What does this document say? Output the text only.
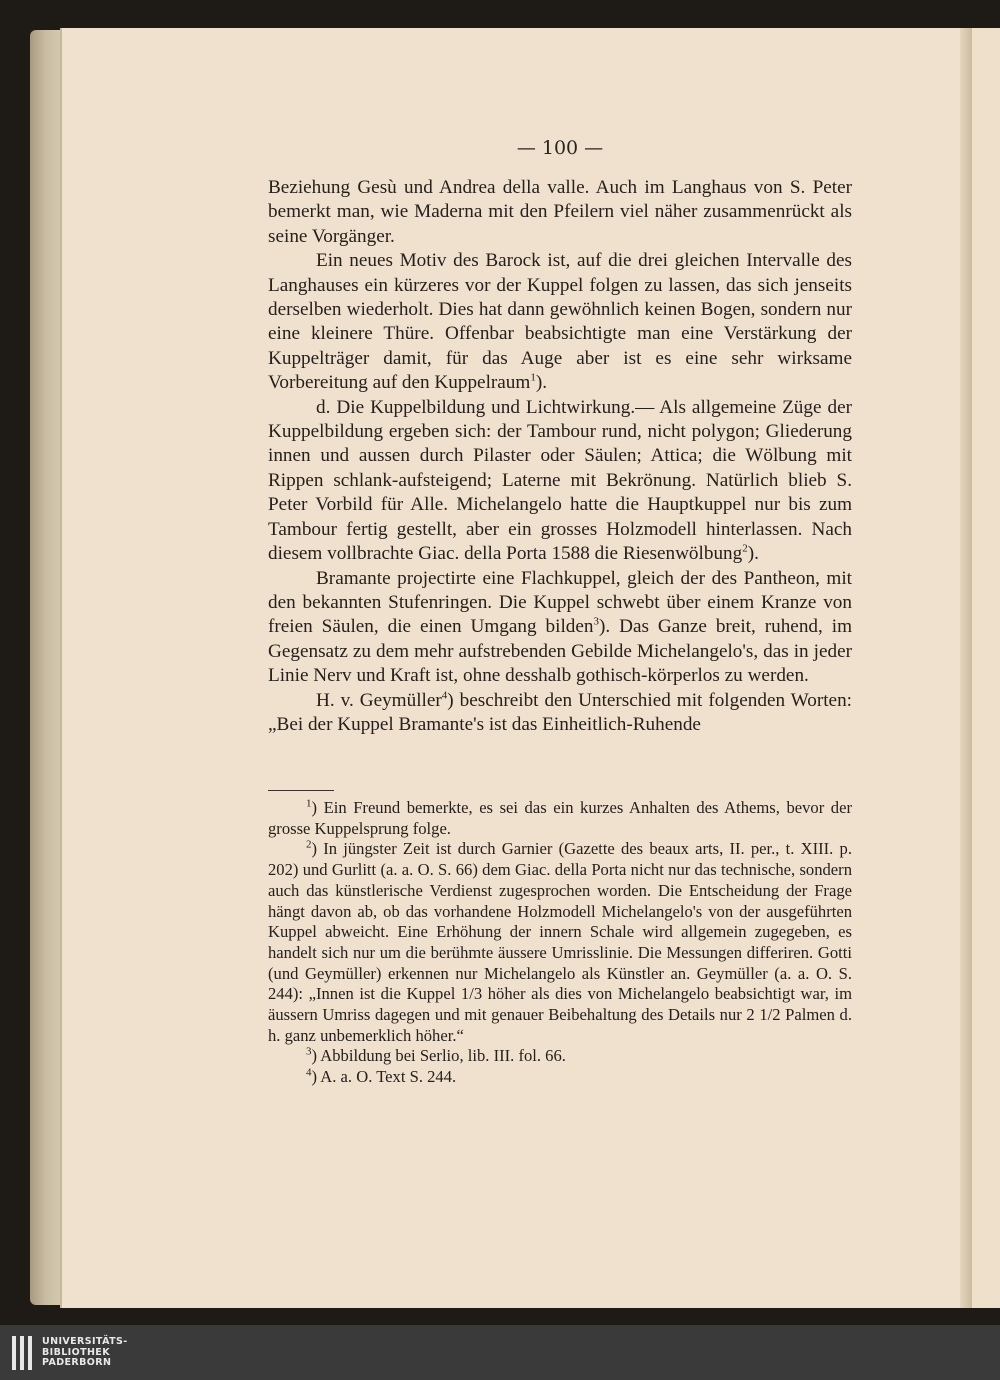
— 100 —

Beziehung Gesù und Andrea della valle. Auch im Langhaus von S. Peter bemerkt man, wie Maderna mit den Pfeilern viel näher zusammenrückt als seine Vorgänger.

Ein neues Motiv des Barock ist, auf die drei gleichen Intervalle des Langhauses ein kürzeres vor der Kuppel folgen zu lassen, das sich jenseits derselben wiederholt. Dies hat dann gewöhnlich keinen Bogen, sondern nur eine kleinere Thüre. Offenbar beabsichtigte man eine Verstärkung der Kuppelträger damit, für das Auge aber ist es eine sehr wirksame Vorbereitung auf den Kuppelraum$^1$).

d. Die Kuppelbildung und Lichtwirkung.— Als allgemeine Züge der Kuppelbildung ergeben sich: der Tambour rund, nicht polygon; Gliederung innen und aussen durch Pilaster oder Säulen; Attica; die Wölbung mit Rippen schlank-aufsteigend; Laterne mit Bekrönung. Natürlich blieb S. Peter Vorbild für Alle. Michelangelo hatte die Hauptkuppel nur bis zum Tambour fertig gestellt, aber ein grosses Holzmodell hinterlassen. Nach diesem vollbrachte Giac. della Porta 1588 die Riesenwölbung$^2$).

Bramante projectirte eine Flachkuppel, gleich der des Pantheon, mit den bekannten Stufenringen. Die Kuppel schwebt über einem Kranze von freien Säulen, die einen Umgang bilden$^3$). Das Ganze breit, ruhend, im Gegensatz zu dem mehr aufstrebenden Gebilde Michelangelo's, das in jeder Linie Nerv und Kraft ist, ohne desshalb gothisch-körperlos zu werden.

H. v. Geymüller$^4$) beschreibt den Unterschied mit folgenden Worten: „Bei der Kuppel Bramante's ist das Einheitlich-Ruhende

$^1$) Ein Freund bemerkte, es sei das ein kurzes Anhalten des Athems, bevor der grosse Kuppelsprung folge.

$^2$) In jüngster Zeit ist durch Garnier (Gazette des beaux arts, II. per., t. XIII. p. 202) und Gurlitt (a. a. O. S. 66) dem Giac. della Porta nicht nur das technische, sondern auch das künstlerische Verdienst zugesprochen worden. Die Entscheidung der Frage hängt davon ab, ob das vorhandene Holzmodell Michelangelo's von der ausgeführten Kuppel abweicht. Eine Erhöhung der innern Schale wird allgemein zugegeben, es handelt sich nur um die berühmte äussere Umrisslinie. Die Messungen differiren. Gotti (und Geymüller) erkennen nur Michelangelo als Künstler an. Geymüller (a. a. O. S. 244): „Innen ist die Kuppel 1/3 höher als dies von Michelangelo beabsichtigt war, im äussern Umriss dagegen und mit genauer Beibehaltung des Details nur 2 1/2 Palmen d. h. ganz unbemerklich höher.“

$^3$) Abbildung bei Serlio, lib. III. fol. 66.

$^4$) A. a. O. Text S. 244.

UNIVERSITÄTS-
BIBLIOTHEK
PADERBORN
